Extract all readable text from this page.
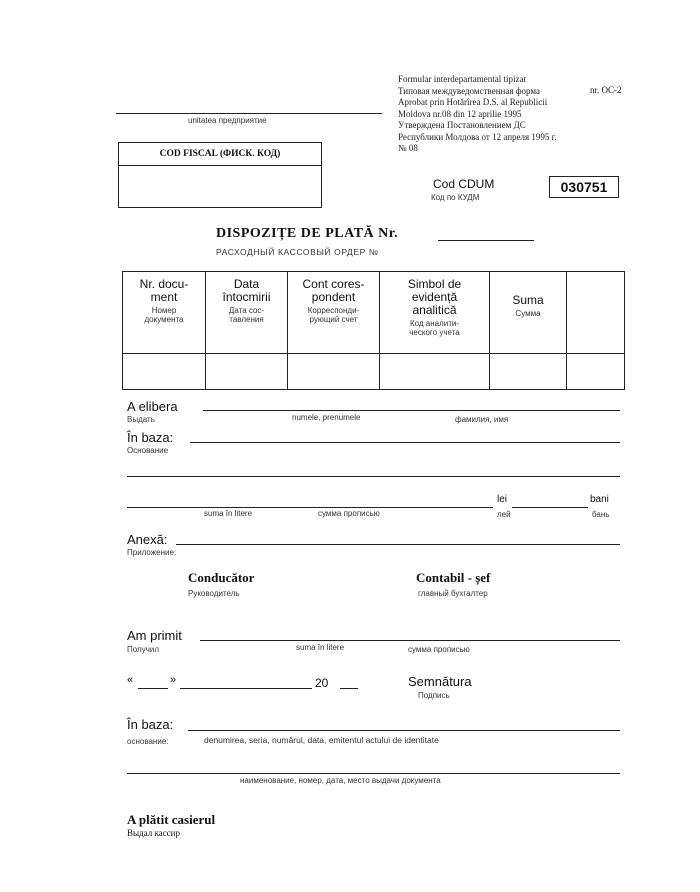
Formular interdepartamental tipizat
Типовая междуведомственная форма
Aprobat prin Hotărîrea D.S. al Republicii
Moldova nr.08 din 12 aprilie 1995
Утверждена Постановлением ДС
Республики Молдова от 12 апреля 1995 г.
№ 08
nr. OC-2
unitatea предприятие
COD FISCAL (ФИСК. КОД)
Cod CDUM
Код по КУДМ
030751
DISPOZIȚE DE PLATĂ Nr.
РАСХОДНЫЙ КАССОВЫЙ ОРДЕР №
Nr. docu-
ment
Номер
документа	Data
întocmirii
Дата сос-
тавления	Cont cores-
pondent
Корреспонди-
рующий счет	Simbol de
evidență
analitică
Код аналити-
ческого учета	Suma
Сумма	

A elibera
Выдать	numele, prenumele	фамилия, имя
În baza:
Основание
lei	bani
suma în litere	сумма прописью	лей	бань
Anexă:
Приложение:
Conducător
Руководитель
Contabil - șef
главный бухгалтер
Am primit
Получил	suma în litere	сумма прописью
«	»	20	Semnătura
Подпись
În baza:
основание:	denumirea, seria, numărul, data, emitentul actului de identitate
наименование, номер, дата, место выдачи документа
A plătit casierul
Выдал кассир
